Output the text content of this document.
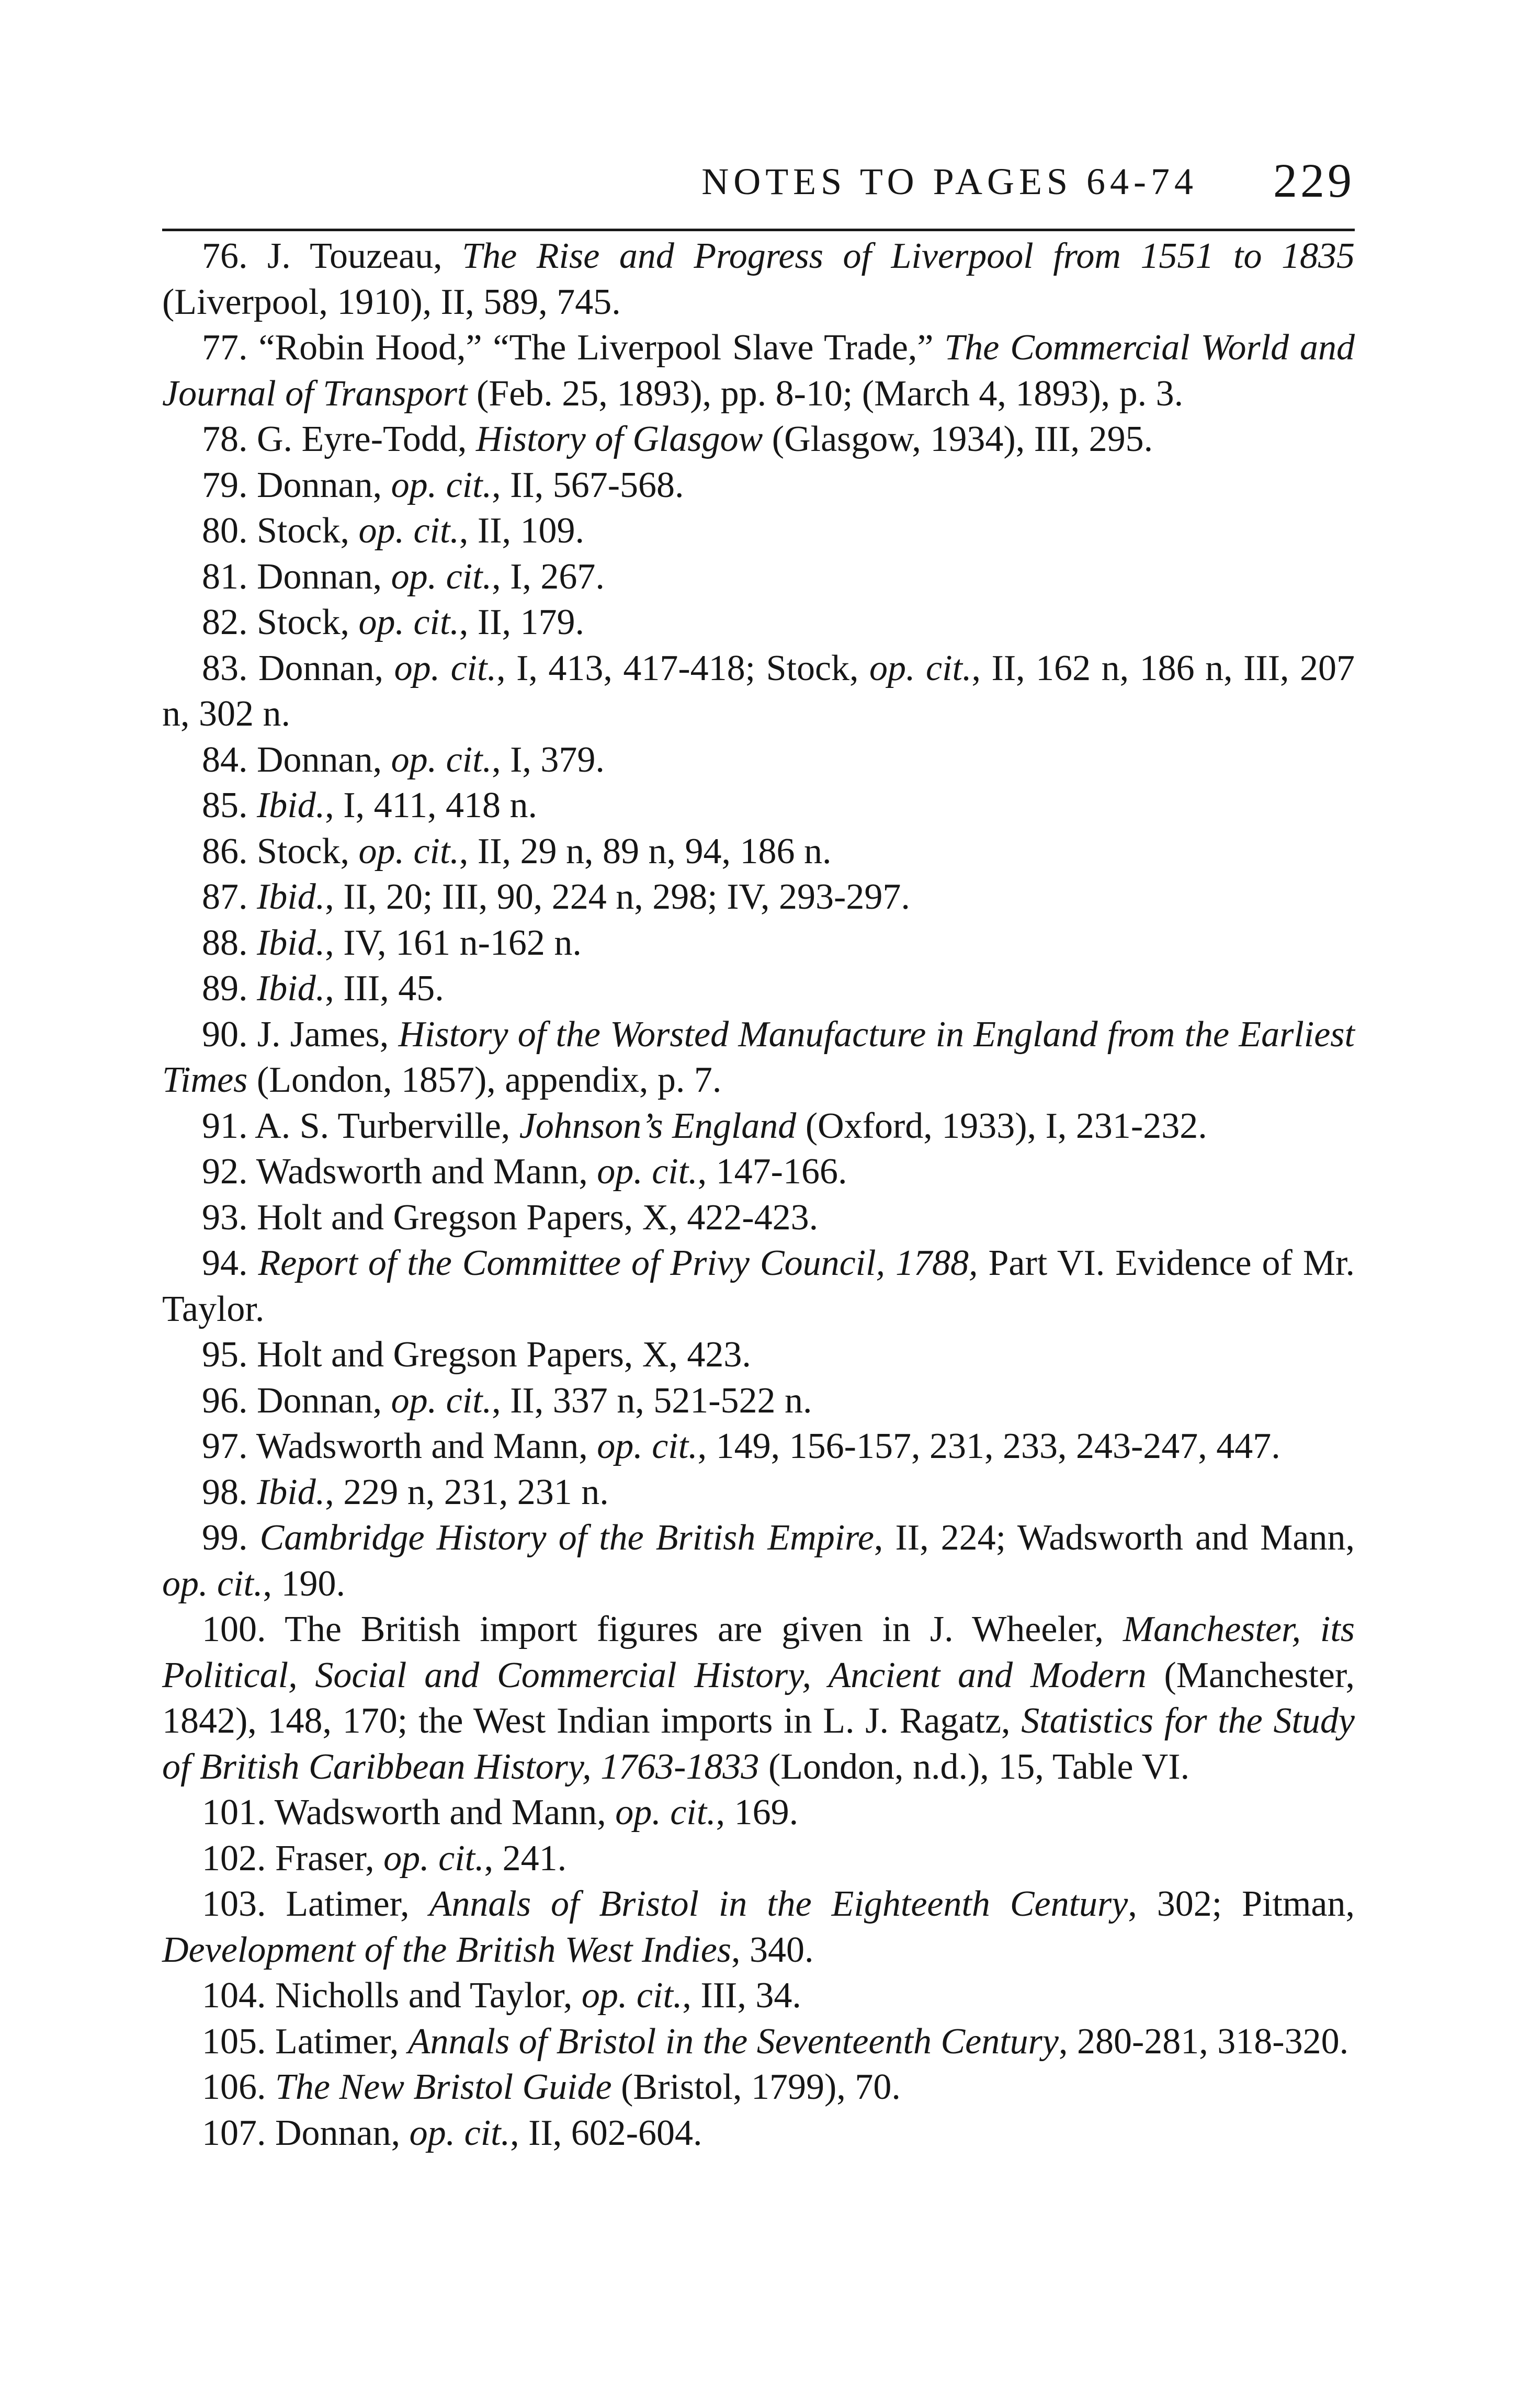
NOTES TO PAGES 64-74 229
76. J. Touzeau, The Rise and Progress of Liverpool from 1551 to 1835 (Liverpool, 1910), II, 589, 745.
77. “Robin Hood,” “The Liverpool Slave Trade,” The Commercial World and Journal of Transport (Feb. 25, 1893), pp. 8-10; (March 4, 1893), p. 3.
78. G. Eyre-Todd, History of Glasgow (Glasgow, 1934), III, 295.
79. Donnan, op. cit., II, 567-568.
80. Stock, op. cit., II, 109.
81. Donnan, op. cit., I, 267.
82. Stock, op. cit., II, 179.
83. Donnan, op. cit., I, 413, 417-418; Stock, op. cit., II, 162 n, 186 n, III, 207 n, 302 n.
84. Donnan, op. cit., I, 379.
85. Ibid., I, 411, 418 n.
86. Stock, op. cit., II, 29 n, 89 n, 94, 186 n.
87. Ibid., II, 20; III, 90, 224 n, 298; IV, 293-297.
88. Ibid., IV, 161 n-162 n.
89. Ibid., III, 45.
90. J. James, History of the Worsted Manufacture in England from the Earliest Times (London, 1857), appendix, p. 7.
91. A. S. Turberville, Johnson’s England (Oxford, 1933), I, 231-232.
92. Wadsworth and Mann, op. cit., 147-166.
93. Holt and Gregson Papers, X, 422-423.
94. Report of the Committee of Privy Council, 1788, Part VI. Evidence of Mr. Taylor.
95. Holt and Gregson Papers, X, 423.
96. Donnan, op. cit., II, 337 n, 521-522 n.
97. Wadsworth and Mann, op. cit., 149, 156-157, 231, 233, 243-247, 447.
98. Ibid., 229 n, 231, 231 n.
99. Cambridge History of the British Empire, II, 224; Wadsworth and Mann, op. cit., 190.
100. The British import figures are given in J. Wheeler, Manchester, its Political, Social and Commercial History, Ancient and Modern (Manchester, 1842), 148, 170; the West Indian imports in L. J. Ragatz, Statistics for the Study of British Caribbean History, 1763-1833 (London, n.d.), 15, Table VI.
101. Wadsworth and Mann, op. cit., 169.
102. Fraser, op. cit., 241.
103. Latimer, Annals of Bristol in the Eighteenth Century, 302; Pitman, Development of the British West Indies, 340.
104. Nicholls and Taylor, op. cit., III, 34.
105. Latimer, Annals of Bristol in the Seventeenth Century, 280-281, 318-320.
106. The New Bristol Guide (Bristol, 1799), 70.
107. Donnan, op. cit., II, 602-604.
